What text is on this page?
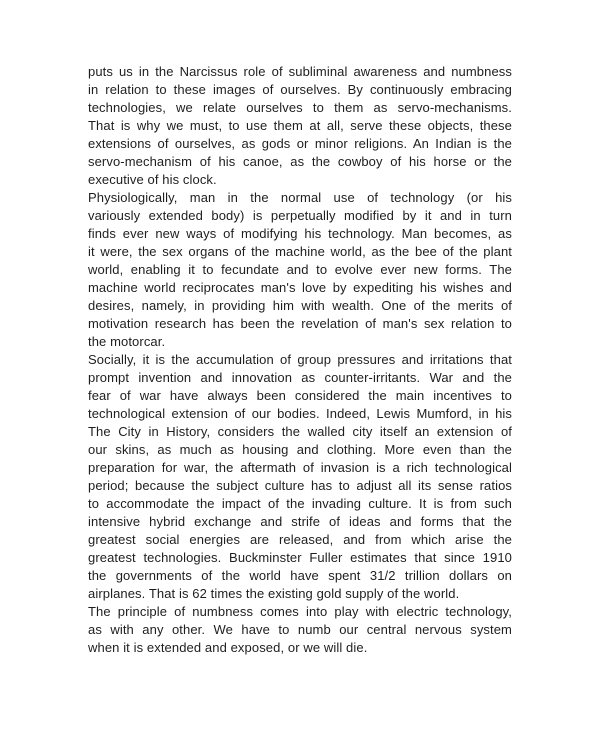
puts us in the Narcissus role of subliminal awareness and numbness
in relation to these images of ourselves. By continuously embracing
technologies, we relate ourselves to them as servo-mechanisms.
That is why we must, to use them at all, serve these objects, these
extensions of ourselves, as gods or minor religions. An Indian is the
servo-mechanism of his canoe, as the cowboy of his horse or the
executive of his clock.
Physiologically, man in the normal use of technology (or his
variously extended body) is perpetually modified by it and in turn
finds ever new ways of modifying his technology. Man becomes, as
it were, the sex organs of the machine world, as the bee of the plant
world, enabling it to fecundate and to evolve ever new forms. The
machine world reciprocates man's love by expediting his wishes and
desires, namely, in providing him with wealth. One of the merits of
motivation research has been the revelation of man's sex relation to
the motorcar.
Socially, it is the accumulation of group pressures and irritations that
prompt invention and innovation as counter-irritants. War and the
fear of war have always been considered the main incentives to
technological extension of our bodies. Indeed, Lewis Mumford, in his
The City in History, considers the walled city itself an extension of
our skins, as much as housing and clothing. More even than the
preparation for war, the aftermath of invasion is a rich technological
period; because the subject culture has to adjust all its sense ratios
to accommodate the impact of the invading culture. It is from such
intensive hybrid exchange and strife of ideas and forms that the
greatest social energies are released, and from which arise the
greatest technologies. Buckminster Fuller estimates that since 1910
the governments of the world have spent 31/2 trillion dollars on
airplanes. That is 62 times the existing gold supply of the world.
The principle of numbness comes into play with electric technology,
as with any other. We have to numb our central nervous system
when it is extended and exposed, or we will die.
